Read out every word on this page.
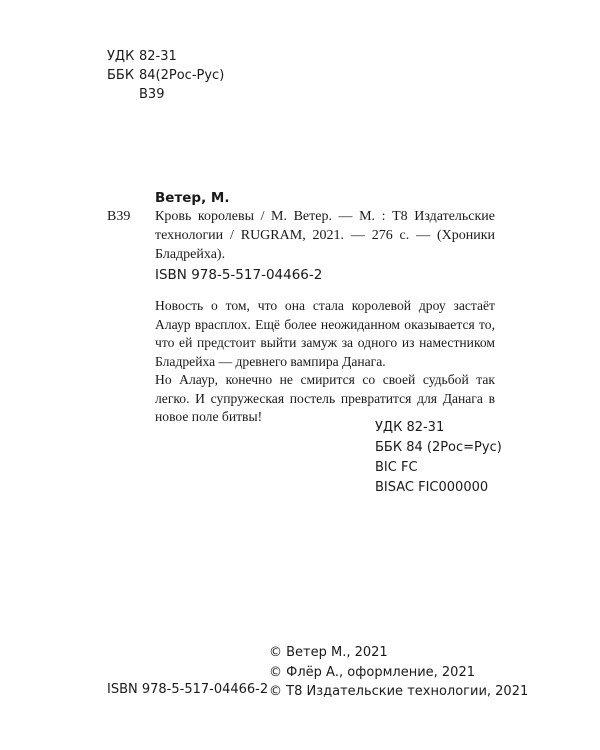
УДК 82-31
ББК 84(2Рос-Рус)
В39
Ветер, М.
В39 Кровь королевы / М. Ветер. — М. : Т8 Издательские технологии / RUGRAM, 2021. — 276 с. — (Хроники Бладрейха).
ISBN 978-5-517-04466-2

Новость о том, что она стала королевой дроу застаёт Алаур врасплох. Ещё более неожиданном оказывается то, что ей предстоит выйти замуж за одного из наместником Бладрейха — древнего вампира Данага.

Но Алаур, конечно не смирится со своей судьбой так легко. И супружеская постель превратится для Данага в новое поле битвы!

УДК 82-31
ББК 84 (2Рос=Рус)
BIC FC
BISAC FIC000000
ISBN 978-5-517-04466-2
© Ветер М., 2021
© Флёр А., оформление, 2021
© Т8 Издательские технологии, 2021
